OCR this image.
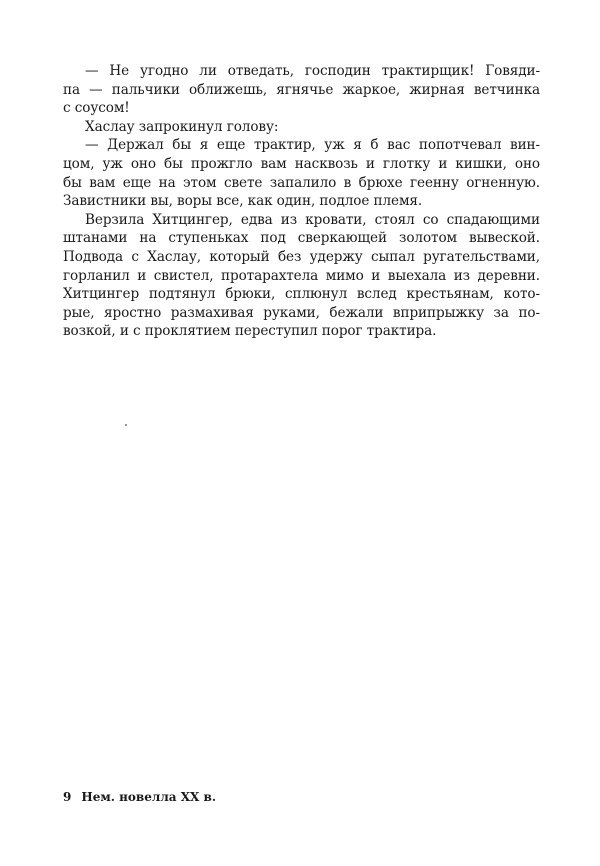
— Не угодно ли отведать, господин трактирщик! Говяди-
па — пальчики оближешь, ягнячье жаркое, жирная ветчинка
с соусом!
Хаслау запрокинул голову:
— Держал бы я еще трактир, уж я б вас попотчевал вин-
цом, уж оно бы прожгло вам насквозь и глотку и кишки, оно
бы вам еще на этом свете запалило в брюхе геенну огненную.
Завистники вы, воры все, как один, подлое племя.
Верзила Хитцингер, едва из кровати, стоял со спадающими
штанами на ступеньках под сверкающей золотом вывеской.
Подвода с Хаслау, который без удержу сыпал ругательствами,
горланил и свистел, протарахтела мимо и выехала из деревни.
Хитцингер подтянул брюки, сплюнул вслед крестьянам, кото-
рые, яростно размахивая руками, бежали вприпрыжку за по-
возкой, и с проклятием переступил порог трактира.
9 Нем. новелла XX в.
